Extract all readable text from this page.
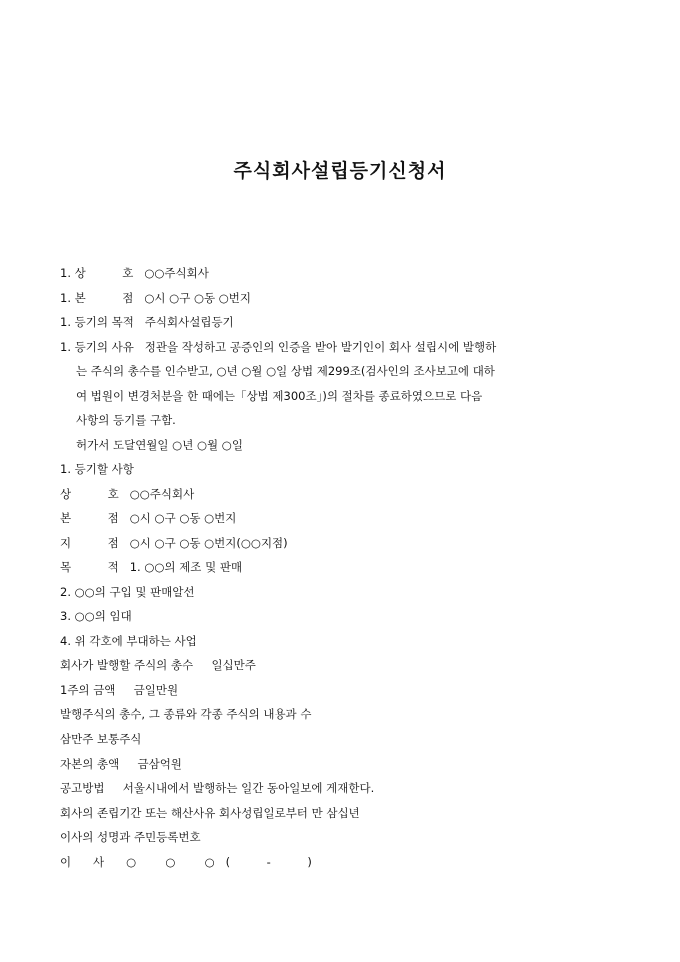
주식회사설립등기신청서
1. 상          호   ○○주식회사
1. 본          점   ○시 ○구 ○동 ○번지
1. 등기의 목적   주식회사설립등기
1. 등기의 사유   정관을 작성하고 공증인의 인증을 받아 발기인이 회사 설립시에 발행하
는 주식의 총수를 인수받고, ○년 ○월 ○일 상법 제299조(검사인의 조사보고에 대하
여 법원이 변경처분을 한 때에는「상법 제300조」)의 절차를 종료하였으므로 다음
사항의 등기를 구함.
허가서 도달연월일 ○년 ○월 ○일
1. 등기할 사항
상          호   ○○주식회사
본          점   ○시 ○구 ○동 ○번지
지          점   ○시 ○구 ○동 ○번지(○○지점)
목          적   1. ○○의 제조 및 판매
2. ○○의 구입 및 판매알선
3. ○○의 임대
4. 위 각호에 부대하는 사업
회사가 발행할 주식의 총수     일십만주
1주의 금액     금일만원
발행주식의 총수, 그 종류와 각종 주식의 내용과 수
삼만주 보통주식
자본의 총액     금삼억원
공고방법     서울시내에서 발행하는 일간 동아일보에 게재한다.
회사의 존립기간 또는 해산사유 회사성립일로부터 만 삼십년
이사의 성명과 주민등록번호
이      사      ○        ○        ○   (          -          )
